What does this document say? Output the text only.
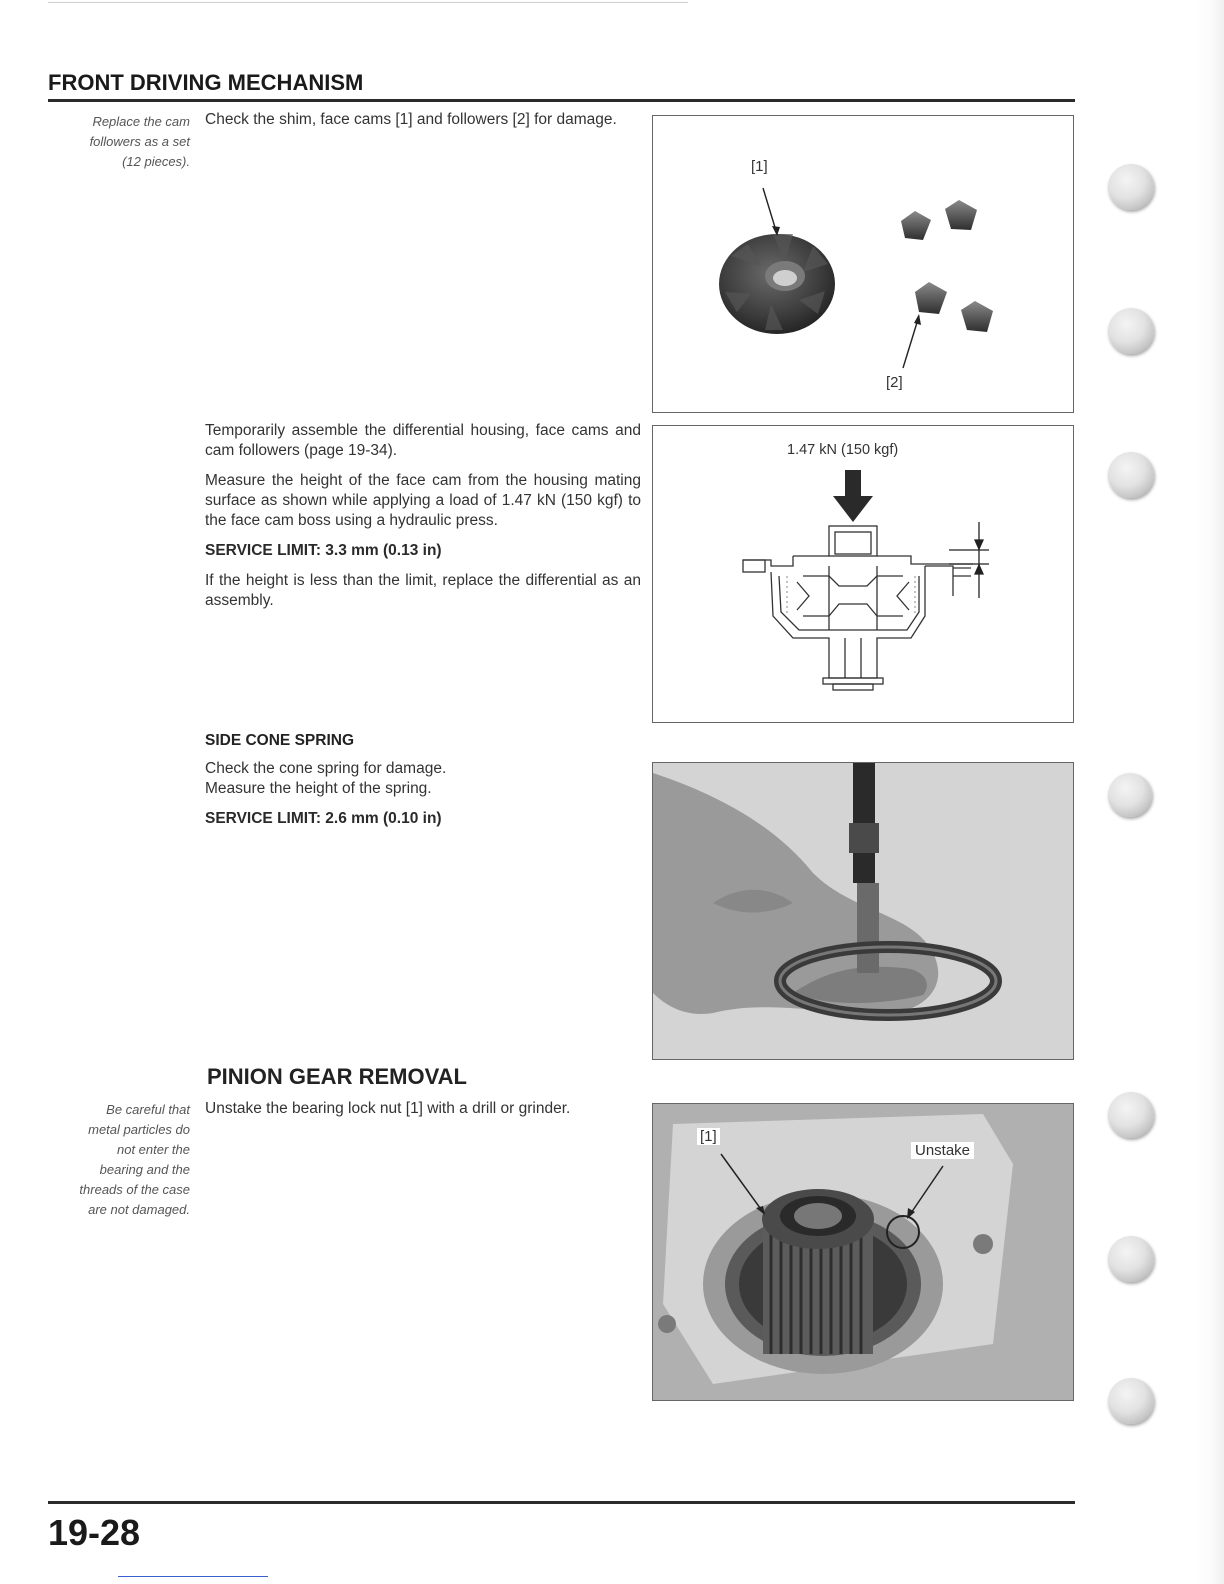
FRONT DRIVING MECHANISM
Replace the cam
followers as a set
(12 pieces).

Check the shim, face cams [1] and followers [2] for damage.

[1]
[2]

Temporarily assemble the differential housing, face cams and cam followers (page 19-34).

Measure the height of the face cam from the housing mating surface as shown while applying a load of 1.47 kN (150 kgf) to the face cam boss using a hydraulic press.

SERVICE LIMIT: 3.3 mm (0.13 in)

If the height is less than the limit, replace the differential as an assembly.

1.47 kN (150 kgf)

SIDE CONE SPRING

Check the cone spring for damage.
Measure the height of the spring.

SERVICE LIMIT: 2.6 mm (0.10 in)

PINION GEAR REMOVAL
Be careful that
metal particles do
not enter the
bearing and the
threads of the case
are not damaged.

Unstake the bearing lock nut [1] with a drill or grinder.

[1]
Unstake
19-28
